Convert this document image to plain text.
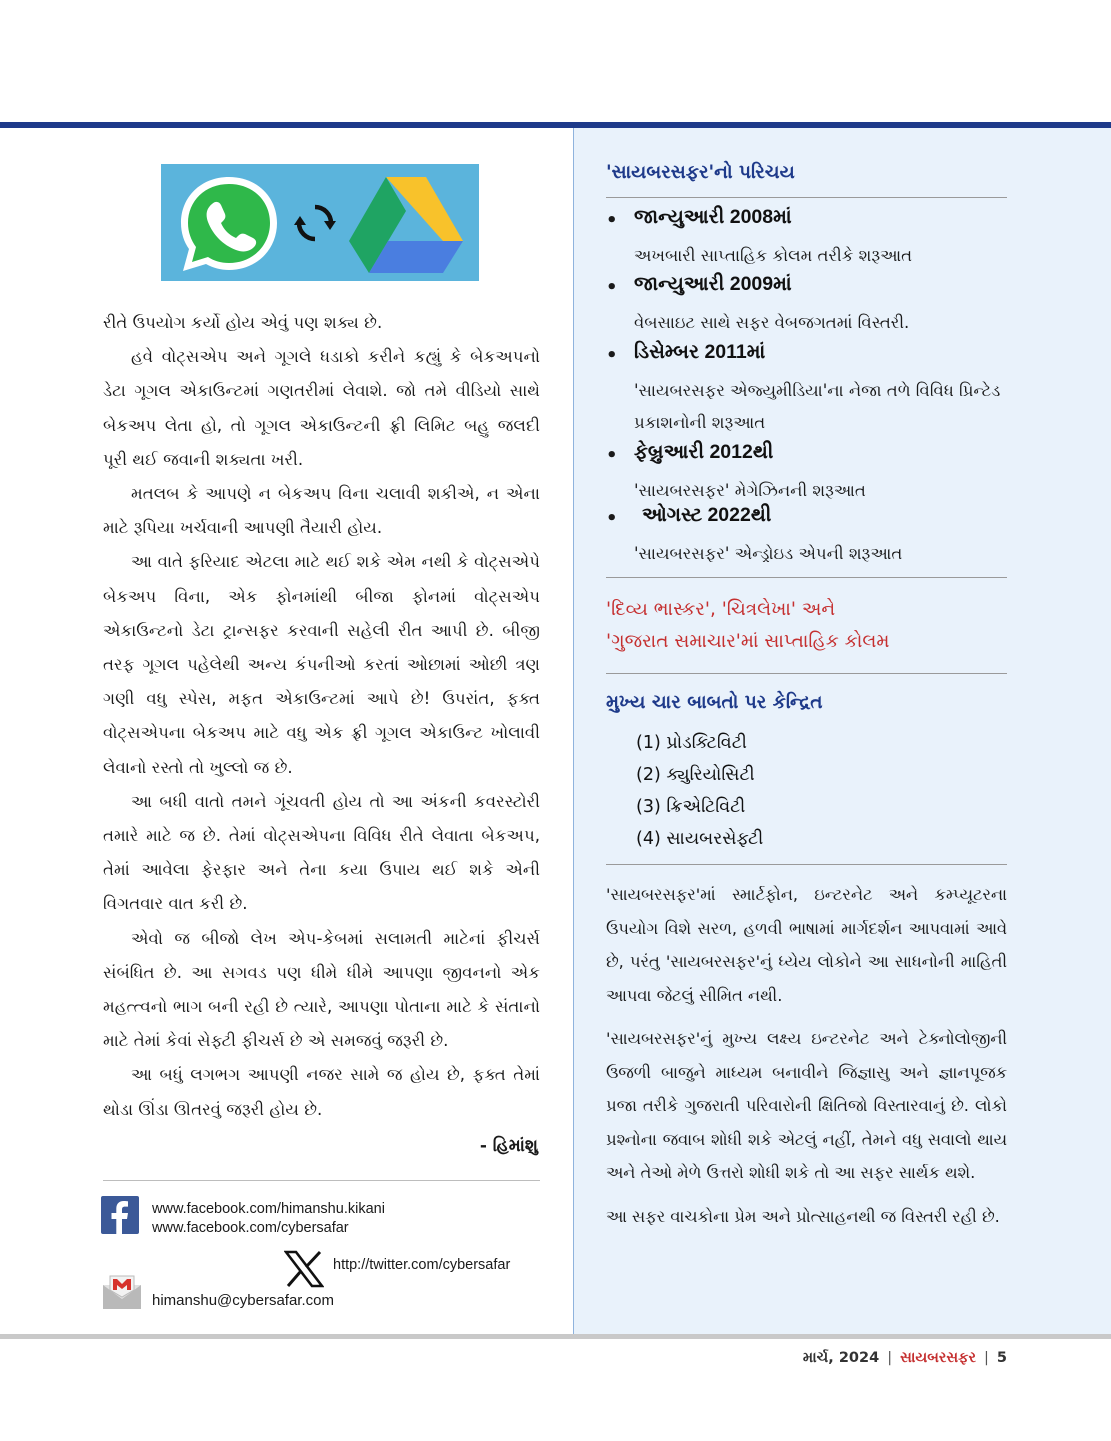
રીતે ઉપયોગ કર્યો હોય એવું પણ શક્ય છે.

હવે વોટ્સએપ અને ગૂગલે ધડાકો કરીને કહ્યું કે બેકઅપનો ડેટા ગૂગલ એકાઉન્ટમાં ગણતરીમાં લેવાશે. જો તમે વીડિયો સાથે બેકઅપ લેતા હો, તો ગૂગલ એકાઉન્ટની ફ્રી લિમિટ બહુ જલદી પૂરી થઈ જવાની શક્યતા ખરી.

મતલબ કે આપણે ન બેકઅપ વિના ચલાવી શકીએ, ન એના માટે રૂપિયા ખર્ચવાની આપણી તૈયારી હોય.

આ વાતે ફરિયાદ એટલા માટે થઈ શકે એમ નથી કે વોટ્સએપે બેકઅપ વિના, એક ફોનમાંથી બીજા ફોનમાં વોટ્સએપ એકાઉન્ટનો ડેટા ટ્રાન્સફર કરવાની સહેલી રીત આપી છે. બીજી તરફ ગૂગલ પહેલેથી અન્ય કંપનીઓ કરતાં ઓછામાં ઓછી ત્રણ ગણી વધુ સ્પેસ, મફત એકાઉન્ટમાં આપે છે! ઉપરાંત, ફક્ત વોટ્સએપના બેકઅપ માટે વધુ એક ફ્રી ગૂગલ એકાઉન્ટ ખોલાવી લેવાનો રસ્તો તો ખુલ્લો જ છે.

આ બધી વાતો તમને ગૂંચવતી હોય તો આ અંકની કવરસ્ટોરી તમારે માટે જ છે. તેમાં વોટ્સએપના વિવિધ રીતે લેવાતા બેકઅપ, તેમાં આવેલા ફેરફાર અને તેના કયા ઉપાય થઈ શકે એની વિગતવાર વાત કરી છે.

એવો જ બીજો લેખ એપ-કેબમાં સલામતી માટેનાં ફીચર્સ સંબંધિત છે. આ સગવડ પણ ધીમે ધીમે આપણા જીવનનો એક મહત્ત્વનો ભાગ બની રહી છે ત્યારે, આપણા પોતાના માટે કે સંતાનો માટે તેમાં કેવાં સેફ્ટી ફીચર્સ છે એ સમજવું જરૂરી છે.

આ બધું લગભગ આપણી નજર સામે જ હોય છે, ફક્ત તેમાં થોડા ઊંડા ઊતરવું જરૂરી હોય છે.

- હિમાંશુ
www.facebook.com/himanshu.kikani
www.facebook.com/cybersafar
http://twitter.com/cybersafar
himanshu@cybersafar.com
'સાયબરસફર'નો પરિચય
• જાન્યુઆરી 2008માં
અખબારી સાપ્તાહિક કોલમ તરીકે શરૂઆત
• જાન્યુઆરી 2009માં
વેબસાઇટ સાથે સફર વેબજગતમાં વિસ્તરી.
• ડિસેમ્બર 2011માં
'સાયબરસફર એજ્યુમીડિયા'ના નેજા તળે વિવિધ પ્રિન્ટેડ પ્રકાશનોની શરૂઆત
• ફેબ્રુઆરી 2012થી
'સાયબરસફર' મેગેઝિનની શરૂઆત
• ઓગસ્ટ 2022થી
'સાયબરસફર' એન્ડ્રોઇડ એપની શરૂઆત
'દિવ્ય ભાસ્કર', 'ચિત્રલેખા' અને
'ગુજરાત સમાચાર'માં સાપ્તાહિક કોલમ
મુખ્ય ચાર બાબતો પર કેન્દ્રિત
(1) પ્રોડક્ટિવિટી
(2) ક્યુરિયોસિટી
(3) ક્રિએટિવિટી
(4) સાયબરસેફ્ટી

'સાયબરસફર'માં સ્માર્ટફોન, ઇન્ટરનેટ અને કમ્પ્યૂટરના ઉપયોગ વિશે સરળ, હળવી ભાષામાં માર્ગદર્શન આપવામાં આવે છે, પરંતુ 'સાયબરસફર'નું ધ્યેય લોકોને આ સાધનોની માહિતી આપવા જેટલું સીમિત નથી.

'સાયબરસફર'નું મુખ્ય લક્ષ્ય ઇન્ટરનેટ અને ટેક્નોલોજીની ઉજળી બાજુને માધ્યમ બનાવીને જિજ્ઞાસુ અને જ્ઞાનપૂજક પ્રજા તરીકે ગુજરાતી પરિવારોની ક્ષિતિજો વિસ્તારવાનું છે. લોકો પ્રશ્નોના જવાબ શોધી શકે એટલું નહીં, તેમને વધુ સવાલો થાય અને તેઓ મેળે ઉત્તરો શોધી શકે તો આ સફર સાર્થક થશે.

આ સફર વાચકોના પ્રેમ અને પ્રોત્સાહનથી જ વિસ્તરી રહી છે.

માર્ચ, 2024 | સાયબરસફર | 5
